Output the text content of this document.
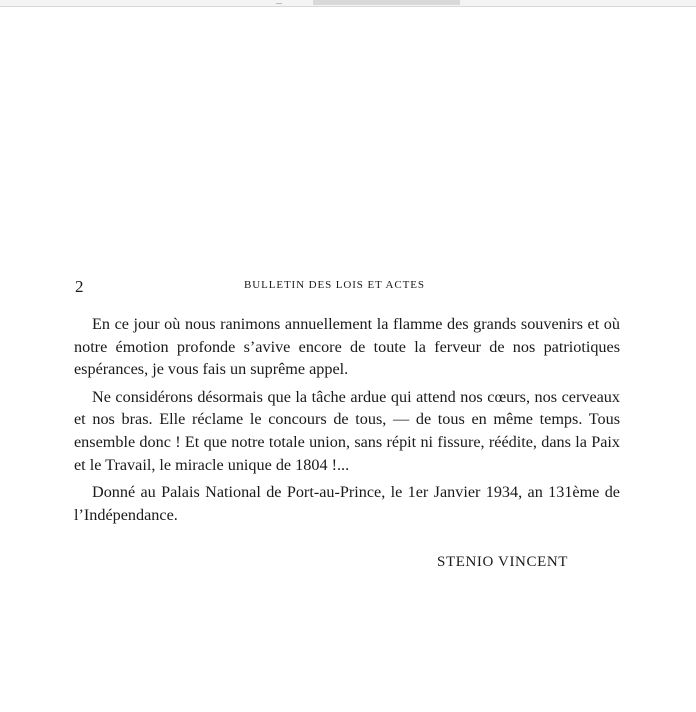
2	BULLETIN DES LOIS ET ACTES

En ce jour où nous ranimons annuellement la flamme des grands souvenirs et où notre émotion profonde s’avive encore de toute la ferveur de nos patriotiques espérances, je vous fais un suprême appel.

Ne considérons désormais que la tâche ardue qui attend nos cœurs, nos cerveaux et nos bras. Elle réclame le concours de tous, — de tous en même temps. Tous ensemble donc ! Et que notre totale union, sans répit ni fissure, réédite, dans la Paix et le Travail, le miracle unique de 1804 !...

Donné au Palais National de Port-au-Prince, le 1er Janvier 1934, an 131ème de l’Indépendance.

STENIO VINCENT
